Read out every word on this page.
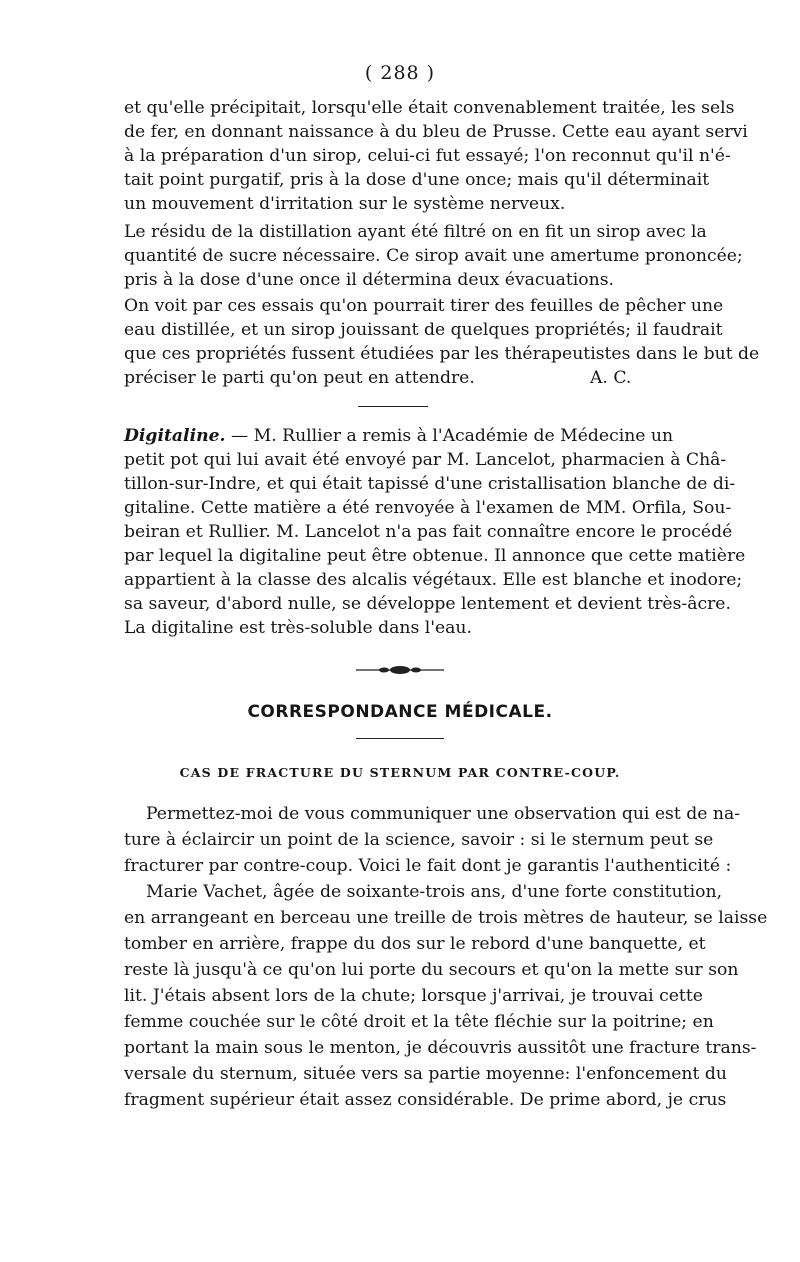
( 288 )
et qu'elle précipitait, lorsqu'elle était convenablement traitée, les sels
de fer, en donnant naissance à du bleu de Prusse. Cette eau ayant servi
à la préparation d'un sirop, celui-ci fut essayé; l'on reconnut qu'il n'é-
tait point purgatif, pris à la dose d'une once; mais qu'il déterminait
un mouvement d'irritation sur le système nerveux.
Le résidu de la distillation ayant été filtré on en fit un sirop avec la
quantité de sucre nécessaire. Ce sirop avait une amertume prononcée;
pris à la dose d'une once il détermina deux évacuations.
On voit par ces essais qu'on pourrait tirer des feuilles de pêcher une
eau distillée, et un sirop jouissant de quelques propriétés; il faudrait
que ces propriétés fussent étudiées par les thérapeutistes dans le but de
préciser le parti qu'on peut en attendre.	A. C.
Digitaline. — M. Rullier a remis à l'Académie de Médecine un
petit pot qui lui avait été envoyé par M. Lancelot, pharmacien à Châ-
tillon-sur-Indre, et qui était tapissé d'une cristallisation blanche de di-
gitaline. Cette matière a été renvoyée à l'examen de MM. Orfila, Sou-
beiran et Rullier. M. Lancelot n'a pas fait connaître encore le procédé
par lequel la digitaline peut être obtenue. Il annonce que cette matière
appartient à la classe des alcalis végétaux. Elle est blanche et inodore;
sa saveur, d'abord nulle, se développe lentement et devient très-âcre.
La digitaline est très-soluble dans l'eau.
CORRESPONDANCE MÉDICALE.
CAS DE FRACTURE DU STERNUM PAR CONTRE-COUP.
Permettez-moi de vous communiquer une observation qui est de na-
ture à éclaircir un point de la science, savoir : si le sternum peut se
fracturer par contre-coup. Voici le fait dont je garantis l'authenticité :
Marie Vachet, âgée de soixante-trois ans, d'une forte constitution,
en arrangeant en berceau une treille de trois mètres de hauteur, se laisse
tomber en arrière, frappe du dos sur le rebord d'une banquette, et
reste là jusqu'à ce qu'on lui porte du secours et qu'on la mette sur son
lit. J'étais absent lors de la chute; lorsque j'arrivai, je trouvai cette
femme couchée sur le côté droit et la tête fléchie sur la poitrine; en
portant la main sous le menton, je découvris aussitôt une fracture trans-
versale du sternum, située vers sa partie moyenne: l'enfoncement du
fragment supérieur était assez considérable. De prime abord, je crus
